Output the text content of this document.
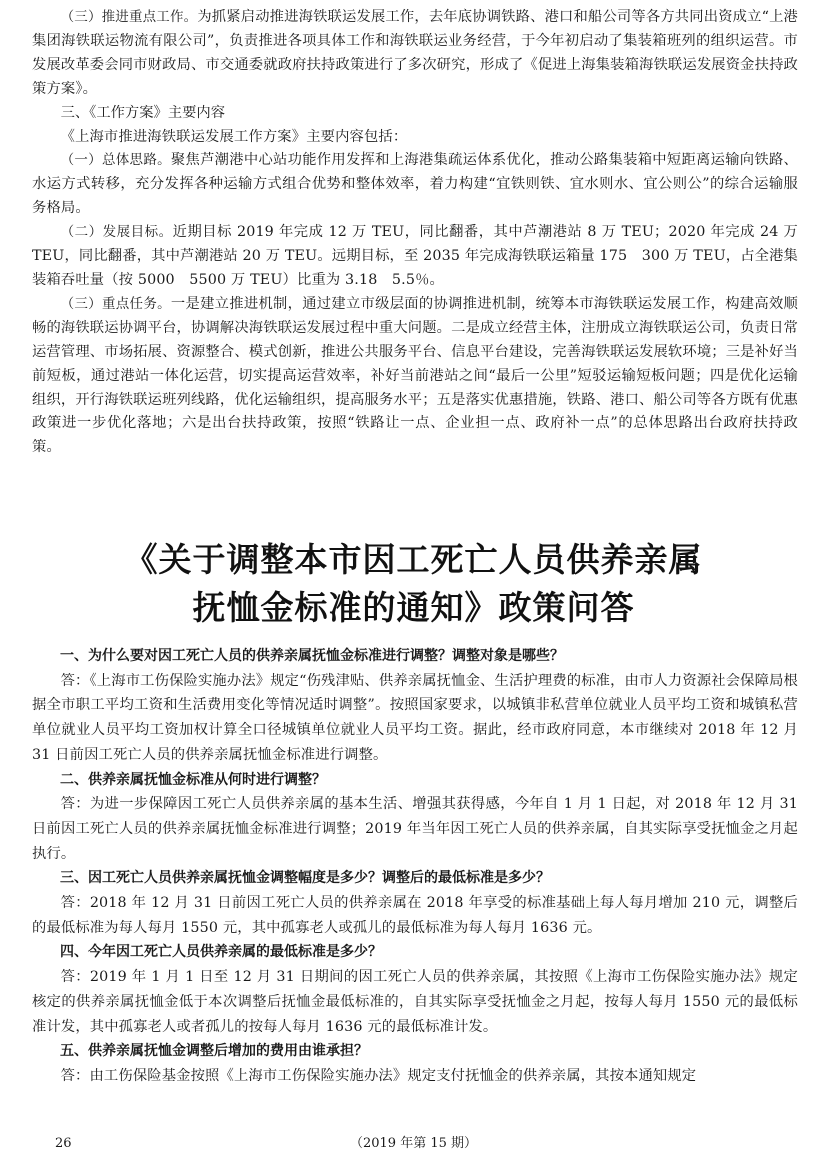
（三）推进重点工作。为抓紧启动推进海铁联运发展工作，去年底协调铁路、港口和船公司等各方共同出资成立“上港集团海铁联运物流有限公司”，负责推进各项具体工作和海铁联运业务经营，于今年初启动了集装箱班列的组织运营。市发展改革委会同市财政局、市交通委就政府扶持政策进行了多次研究，形成了《促进上海集装箱海铁联运发展资金扶持政策方案》。

三、《工作方案》主要内容

《上海市推进海铁联运发展工作方案》主要内容包括：

（一）总体思路。聚焦芦潮港中心站功能作用发挥和上海港集疏运体系优化，推动公路集装箱中短距离运输向铁路、水运方式转移，充分发挥各种运输方式组合优势和整体效率，着力构建“宜铁则铁、宜水则水、宜公则公”的综合运输服务格局。

（二）发展目标。近期目标 2019 年完成 12 万 TEU，同比翻番，其中芦潮港站 8 万 TEU；2020 年完成 24 万 TEU，同比翻番，其中芦潮港站 20 万 TEU。远期目标，至 2035 年完成海铁联运箱量 175　300 万 TEU，占全港集装箱吞吐量（按 5000　5500 万 TEU）比重为 3.18　5.5％。

（三）重点任务。一是建立推进机制，通过建立市级层面的协调推进机制，统筹本市海铁联运发展工作，构建高效顺畅的海铁联运协调平台，协调解决海铁联运发展过程中重大问题。二是成立经营主体，注册成立海铁联运公司，负责日常运营管理、市场拓展、资源整合、模式创新，推进公共服务平台、信息平台建设，完善海铁联运发展软环境；三是补好当前短板，通过港站一体化运营，切实提高运营效率，补好当前港站之间“最后一公里”短驳运输短板问题；四是优化运输组织，开行海铁联运班列线路，优化运输组织，提高服务水平；五是落实优惠措施，铁路、港口、船公司等各方既有优惠政策进一步优化落地；六是出台扶持政策，按照“铁路让一点、企业担一点、政府补一点”的总体思路出台政府扶持政策。

《关于调整本市因工死亡人员供养亲属
抚恤金标准的通知》政策问答

一、为什么要对因工死亡人员的供养亲属抚恤金标准进行调整？调整对象是哪些？

答：《上海市工伤保险实施办法》规定“伤残津贴、供养亲属抚恤金、生活护理费的标准，由市人力资源社会保障局根据全市职工平均工资和生活费用变化等情况适时调整”。按照国家要求，以城镇非私营单位就业人员平均工资和城镇私营单位就业人员平均工资加权计算全口径城镇单位就业人员平均工资。据此，经市政府同意，本市继续对 2018 年 12 月 31 日前因工死亡人员的供养亲属抚恤金标准进行调整。

二、供养亲属抚恤金标准从何时进行调整？

答：为进一步保障因工死亡人员供养亲属的基本生活、增强其获得感，今年自 1 月 1 日起，对 2018 年 12 月 31 日前因工死亡人员的供养亲属抚恤金标准进行调整；2019 年当年因工死亡人员的供养亲属，自其实际享受抚恤金之月起执行。

三、因工死亡人员供养亲属抚恤金调整幅度是多少？调整后的最低标准是多少？

答：2018 年 12 月 31 日前因工死亡人员的供养亲属在 2018 年享受的标准基础上每人每月增加 210 元，调整后的最低标准为每人每月 1550 元，其中孤寡老人或孤儿的最低标准为每人每月 1636 元。

四、今年因工死亡人员供养亲属的最低标准是多少？

答：2019 年 1 月 1 日至 12 月 31 日期间的因工死亡人员的供养亲属，其按照《上海市工伤保险实施办法》规定核定的供养亲属抚恤金低于本次调整后抚恤金最低标准的，自其实际享受抚恤金之月起，按每人每月 1550 元的最低标准计发，其中孤寡老人或者孤儿的按每人每月 1636 元的最低标准计发。

五、供养亲属抚恤金调整后增加的费用由谁承担？

答：由工伤保险基金按照《上海市工伤保险实施办法》规定支付抚恤金的供养亲属，其按本通知规定

26	（2019 年第 15 期）
